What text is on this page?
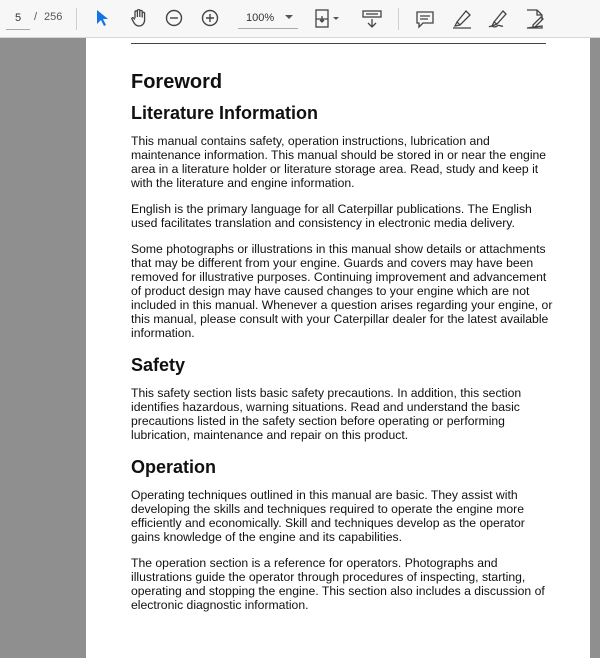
5
/ 256	100%
Foreword
Literature Information

This manual contains safety, operation instructions, lubrication and maintenance information. This manual should be stored in or near the engine area in a literature holder or literature storage area. Read, study and keep it with the literature and engine information.

English is the primary language for all Caterpillar publications. The English used facilitates translation and consistency in electronic media delivery.

Some photographs or illustrations in this manual show details or attachments that may be different from your engine. Guards and covers may have been removed for illustrative purposes. Continuing improvement and advancement of product design may have caused changes to your engine which are not included in this manual. Whenever a question arises regarding your engine, or this manual, please consult with your Caterpillar dealer for the latest available information.

Safety

This safety section lists basic safety precautions. In addition, this section identifies hazardous, warning situations. Read and understand the basic precautions listed in the safety section before operating or performing lubrication, maintenance and repair on this product.

Operation

Operating techniques outlined in this manual are basic. They assist with developing the skills and techniques required to operate the engine more efficiently and economically. Skill and techniques develop as the operator gains knowledge of the engine and its capabilities.

The operation section is a reference for operators. Photographs and illustrations guide the operator through procedures of inspecting, starting, operating and stopping the engine. This section also includes a discussion of electronic diagnostic information.
